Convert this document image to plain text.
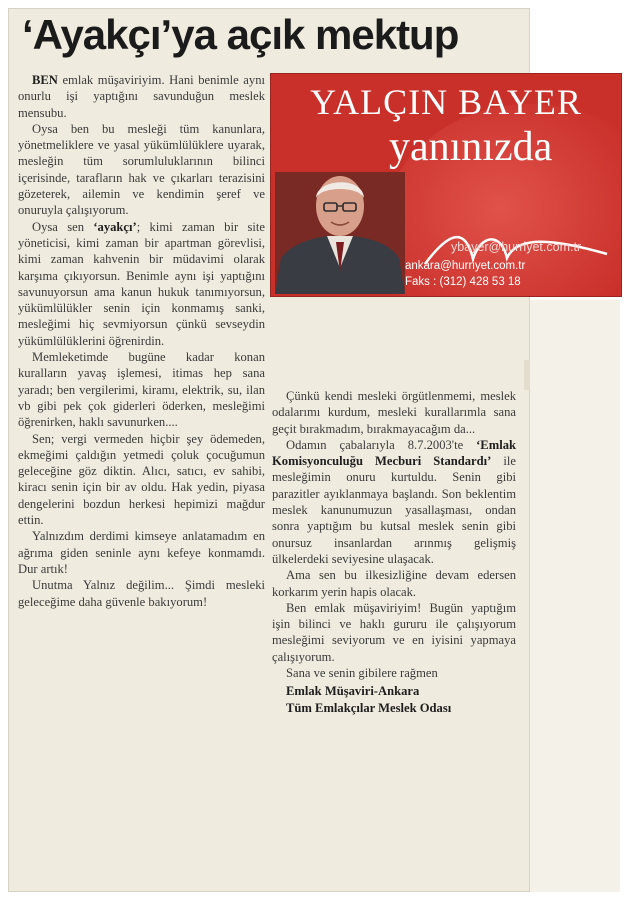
‘Ayakçı’ya açık mektup

BEN emlak müşaviriyim. Hani benimle aynı onurlu işi yaptığını savunduğun meslek mensubu.

Oysa ben bu mesleği tüm kanunlara, yönetmeliklere ve yasal yükümlülüklere uyarak, mesleğin tüm sorumluluklarının bilinci içerisinde, tarafların hak ve çıkarları terazisini gözeterek, ailemin ve kendimin şeref ve onuruyla çalışıyorum.

Oysa sen ‘ayakçı’; kimi zaman bir site yöneticisi, kimi zaman bir apartman görevlisi, kimi zaman kahvenin bir müdavimi olarak karşıma çıkıyorsun. Benimle aynı işi yaptığını savunuyorsun ama kanun hukuk tanımıyorsun, yükümlülükler senin için konmamış sanki, mesleğimi hiç sevmiyorsun çünkü sevseydin yükümlülüklerini öğrenirdin.

Memleketimde bugüne kadar konan kuralların yavaş işlemesi, itimas hep sana yaradı; ben vergilerimi, kiramı, elektrik, su, ilan vb gibi pek çok giderleri öderken, mesleğimi öğrenirken, haklı savunurken....

Sen; vergi vermeden hiçbir şey ödemeden, ekmeğimi çaldığın yetmedi çoluk çocuğumun geleceğine göz diktin. Alıcı, satıcı, ev sahibi, kiracı senin için bir av oldu. Hak yedin, piyasa dengelerini bozdun herkesi hepimizi mağdur ettin.

Yalnızdım derdimi kimseye anlatamadım en ağrıma giden seninle aynı kefeye konmamdı. Dur artık!

Unutma Yalnız değilim... Şimdi mesleki geleceğime daha güvenle bakıyorum!

YALÇIN BAYER
yanınızda
ybayer@hurriyet.com.tr
ankara@hurriyet.com.tr
Faks : (312) 428 53 18

Çünkü kendi mesleki örgütlenmemi, meslek odalarımı kurdum, mesleki kurallarımla sana geçit bırakmadım, bırakmayacağım da...

Odamın çabalarıyla 8.7.2003'te ‘Emlak Komisyonculuğu Mecburi Standardı’ ile mesleğimin onuru kurtuldu. Senin gibi parazitler ayıklanmaya başlandı. Son beklentim meslek kanunumuzun yasallaşması, ondan sonra yaptığım bu kutsal meslek senin gibi onursuz insanlardan arınmış gelişmiş ülkelerdeki seviyesine ulaşacak.

Ama sen bu ilkesizliğine devam edersen korkarım yerin hapis olacak.

Ben emlak müşaviriyim! Bugün yaptığım işin bilinci ve haklı gururu ile çalışıyorum mesleğimi seviyorum ve en iyisini yapmaya çalışıyorum.

Sana ve senin gibilere rağmen

Emlak Müşaviri-Ankara

Tüm Emlakçılar Meslek Odası
